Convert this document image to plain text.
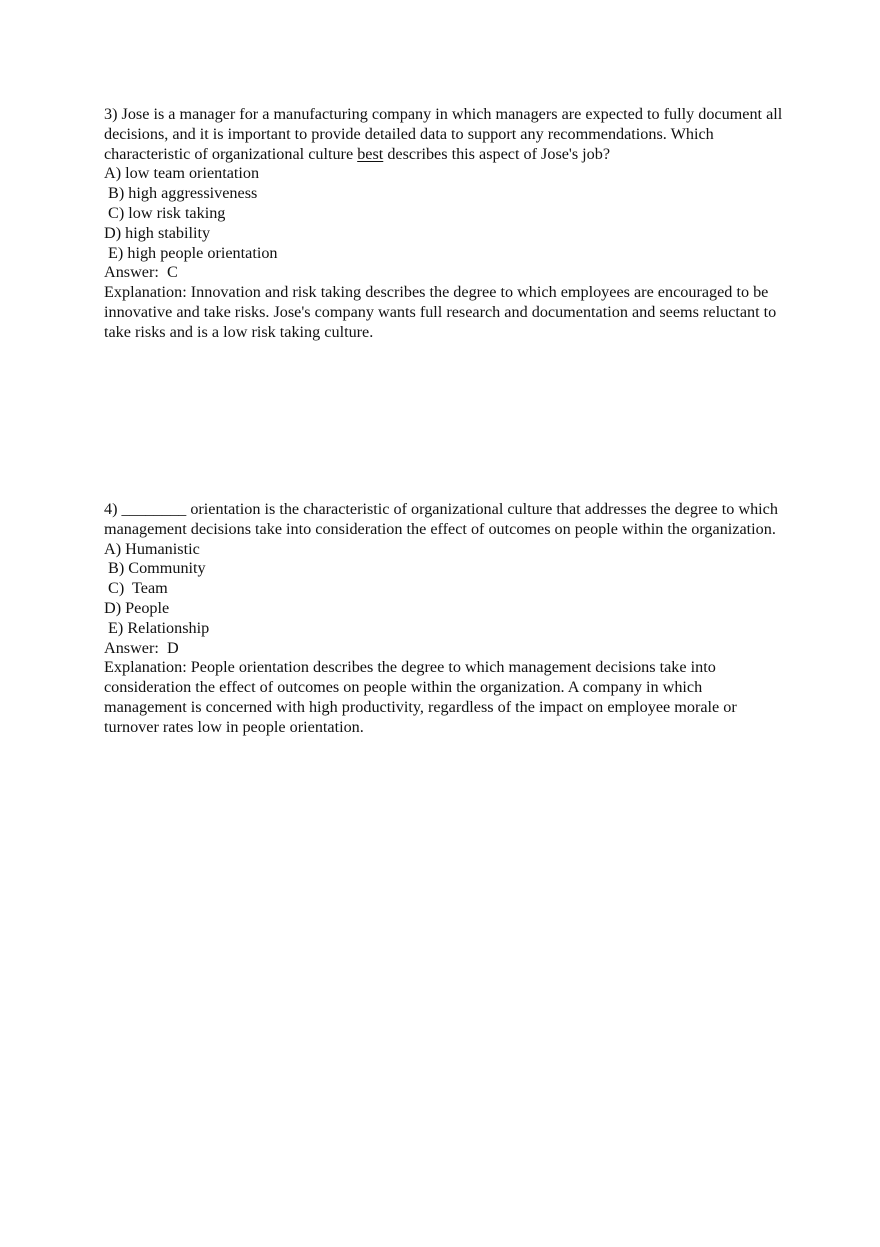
3) Jose is a manager for a manufacturing company in which managers are expected to fully document all decisions, and it is important to provide detailed data to support any recommendations. Which characteristic of organizational culture best describes this aspect of Jose's job?
A) low team orientation
B) high aggressiveness
C) low risk taking
D) high stability
E) high people orientation
Answer:  C
Explanation: Innovation and risk taking describes the degree to which employees are encouraged to be innovative and take risks. Jose's company wants full research and documentation and seems reluctant to take risks and is a low risk taking culture.
4) ________ orientation is the characteristic of organizational culture that addresses the degree to which management decisions take into consideration the effect of outcomes on people within the organization.
A) Humanistic
B) Community
C)  Team
D) People
E) Relationship
Answer:  D
Explanation: People orientation describes the degree to which management decisions take into consideration the effect of outcomes on people within the organization. A company in which management is concerned with high productivity, regardless of the impact on employee morale or turnover rates low in people orientation.
